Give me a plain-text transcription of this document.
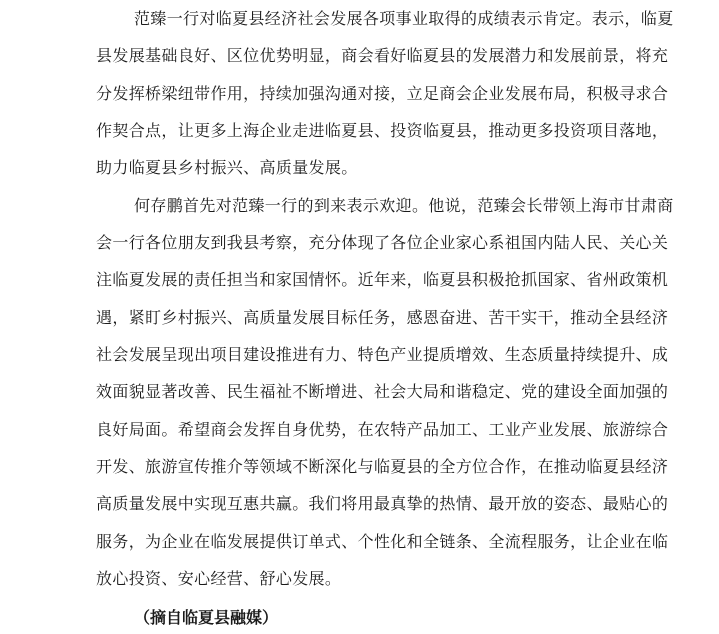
范臻一行对临夏县经济社会发展各项事业取得的成绩表示肯定。表示，临夏
县发展基础良好、区位优势明显，商会看好临夏县的发展潜力和发展前景，将充
分发挥桥梁纽带作用，持续加强沟通对接，立足商会企业发展布局，积极寻求合
作契合点，让更多上海企业走进临夏县、投资临夏县，推动更多投资项目落地，
助力临夏县乡村振兴、高质量发展。
何存鹏首先对范臻一行的到来表示欢迎。他说，范臻会长带领上海市甘肃商
会一行各位朋友到我县考察，充分体现了各位企业家心系祖国内陆人民、关心关
注临夏发展的责任担当和家国情怀。近年来，临夏县积极抢抓国家、省州政策机
遇，紧盯乡村振兴、高质量发展目标任务，感恩奋进、苦干实干，推动全县经济
社会发展呈现出项目建设推进有力、特色产业提质增效、生态质量持续提升、成
效面貌显著改善、民生福祉不断增进、社会大局和谐稳定、党的建设全面加强的
良好局面。希望商会发挥自身优势，在农特产品加工、工业产业发展、旅游综合
开发、旅游宣传推介等领域不断深化与临夏县的全方位合作，在推动临夏县经济
高质量发展中实现互惠共赢。我们将用最真挚的热情、最开放的姿态、最贴心的
服务，为企业在临发展提供订单式、个性化和全链条、全流程服务，让企业在临
放心投资、安心经营、舒心发展。
（摘自临夏县融媒）
